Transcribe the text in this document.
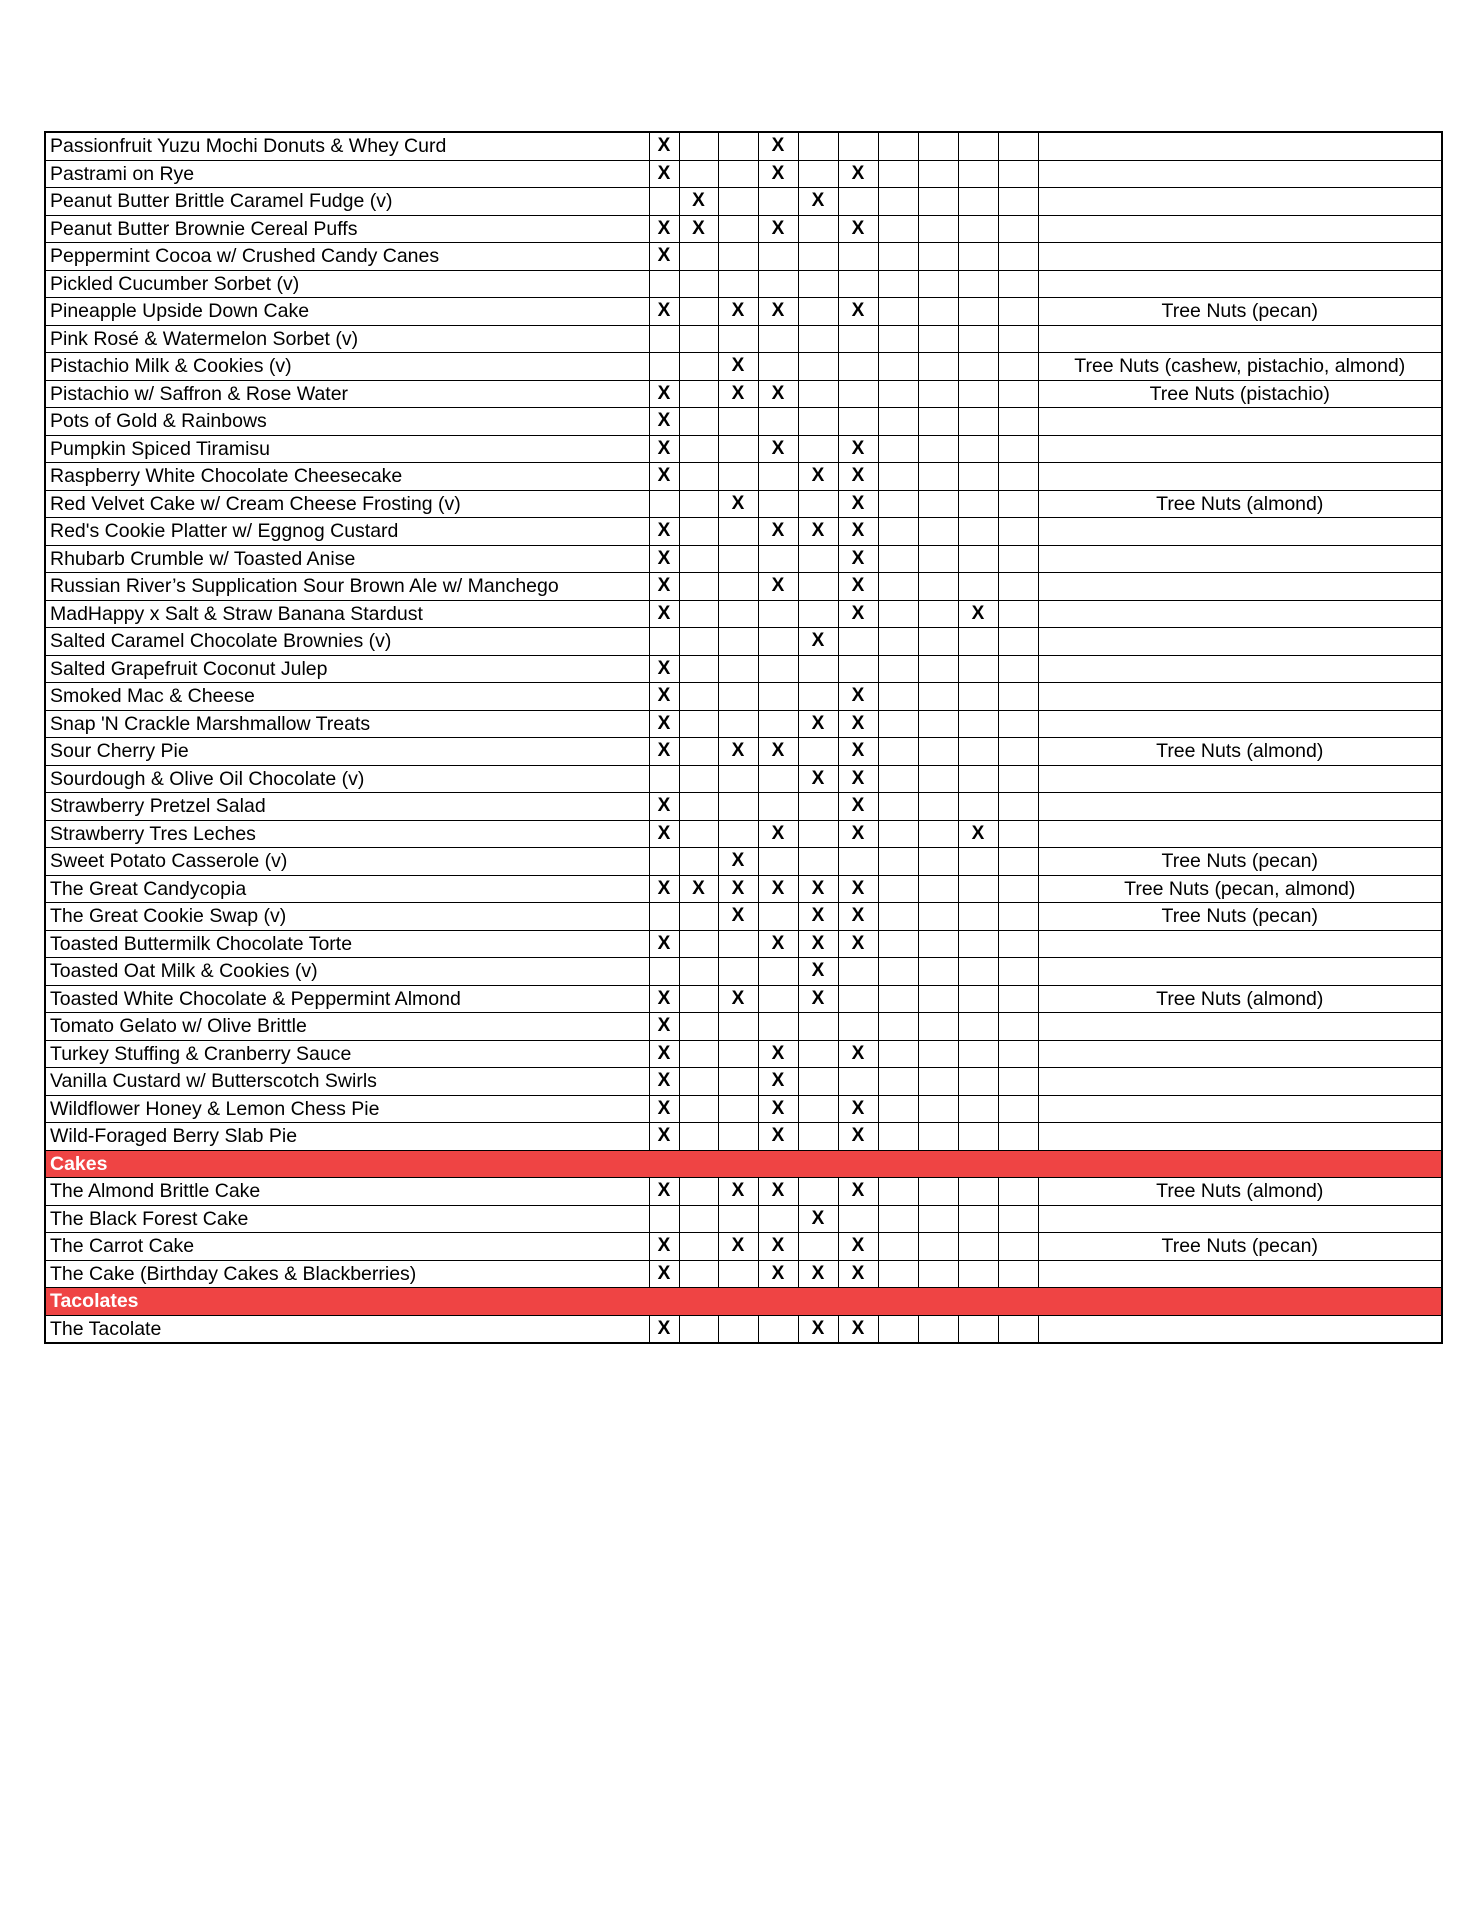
Passionfruit Yuzu Mochi Donuts & Whey Curd	X			X							
Pastrami on Rye	X			X		X					
Peanut Butter Brittle Caramel Fudge (v)		X			X						
Peanut Butter Brownie Cereal Puffs	X	X		X		X					
Peppermint Cocoa w/ Crushed Candy Canes	X										
Pickled Cucumber Sorbet (v)											
Pineapple Upside Down Cake	X		X	X		X					Tree Nuts (pecan)
Pink Rosé & Watermelon Sorbet (v)											
Pistachio Milk & Cookies (v)			X								Tree Nuts (cashew, pistachio, almond)
Pistachio w/ Saffron & Rose Water	X		X	X							Tree Nuts (pistachio)
Pots of Gold & Rainbows	X										
Pumpkin Spiced Tiramisu	X			X		X					
Raspberry White Chocolate Cheesecake	X				X	X					
Red Velvet Cake w/ Cream Cheese Frosting (v)			X			X					Tree Nuts (almond)
Red's Cookie Platter w/ Eggnog Custard	X			X	X	X					
Rhubarb Crumble w/ Toasted Anise	X					X					
Russian River’s Supplication Sour Brown Ale w/ Manchego	X			X		X					
MadHappy x Salt & Straw Banana Stardust	X					X			X		
Salted Caramel Chocolate Brownies (v)					X						
Salted Grapefruit Coconut Julep	X										
Smoked Mac & Cheese	X					X					
Snap 'N Crackle Marshmallow Treats	X				X	X					
Sour Cherry Pie	X		X	X		X					Tree Nuts (almond)
Sourdough & Olive Oil Chocolate (v)					X	X					
Strawberry Pretzel Salad	X					X					
Strawberry Tres Leches	X			X		X			X		
Sweet Potato Casserole (v)			X								Tree Nuts (pecan)
The Great Candycopia	X	X	X	X	X	X					Tree Nuts (pecan, almond)
The Great Cookie Swap (v)			X		X	X					Tree Nuts (pecan)
Toasted Buttermilk Chocolate Torte	X			X	X	X					
Toasted Oat Milk & Cookies (v)					X						
Toasted White Chocolate & Peppermint Almond	X		X		X						Tree Nuts (almond)
Tomato Gelato w/ Olive Brittle	X										
Turkey Stuffing & Cranberry Sauce	X			X		X					
Vanilla Custard w/ Butterscotch Swirls	X			X							
Wildflower Honey & Lemon Chess Pie	X			X		X					
Wild-Foraged Berry Slab Pie	X			X		X					
Cakes											
The Almond Brittle Cake	X		X	X		X					Tree Nuts (almond)
The Black Forest Cake					X						
The Carrot Cake	X		X	X		X					Tree Nuts (pecan)
The Cake (Birthday Cakes & Blackberries)	X			X	X	X					
Tacolates											
The Tacolate	X				X	X					
